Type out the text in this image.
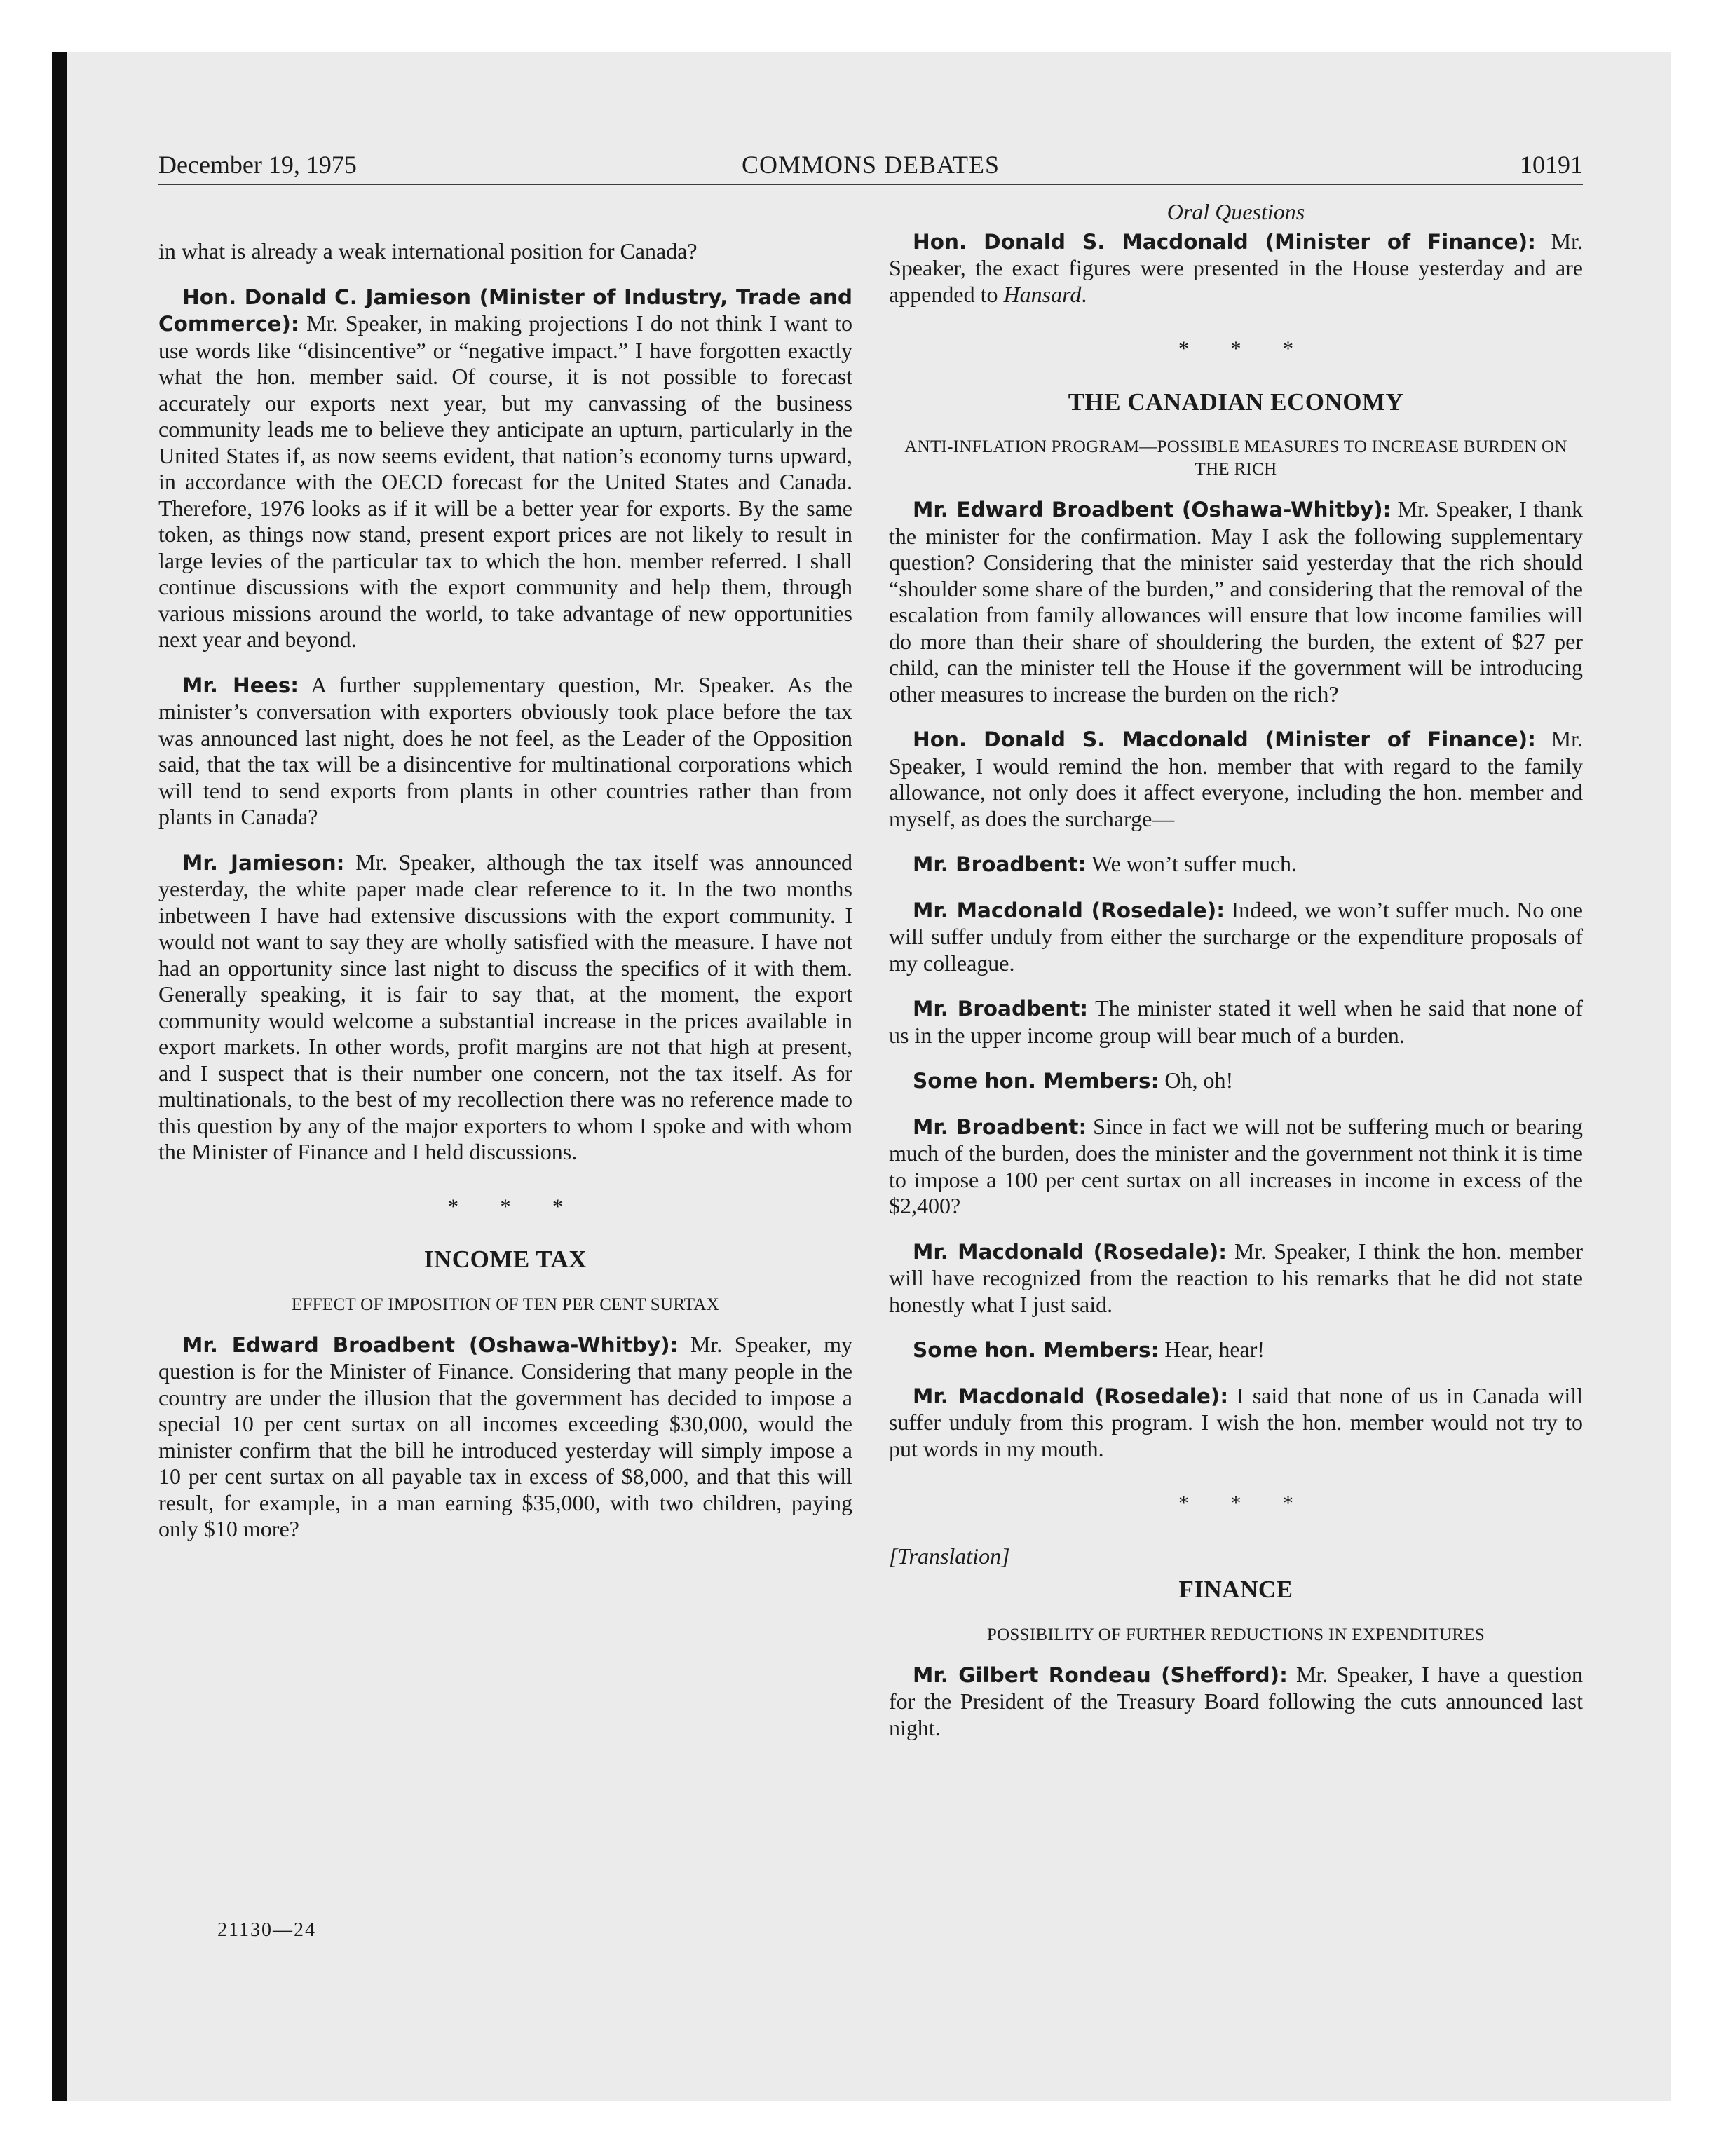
December 19, 1975	COMMONS DEBATES	10191

in what is already a weak international position for Canada?

Hon. Donald C. Jamieson (Minister of Industry, Trade and Commerce): Mr. Speaker, in making projections I do not think I want to use words like “disincentive” or “negative impact.” I have forgotten exactly what the hon. member said. Of course, it is not possible to forecast accurately our exports next year, but my canvassing of the business community leads me to believe they anticipate an upturn, particularly in the United States if, as now seems evident, that nation’s economy turns upward, in accordance with the OECD forecast for the United States and Canada. Therefore, 1976 looks as if it will be a better year for exports. By the same token, as things now stand, present export prices are not likely to result in large levies of the particular tax to which the hon. member referred. I shall continue discussions with the export community and help them, through various missions around the world, to take advantage of new opportunities next year and beyond.

Mr. Hees: A further supplementary question, Mr. Speaker. As the minister’s conversation with exporters obviously took place before the tax was announced last night, does he not feel, as the Leader of the Opposition said, that the tax will be a disincentive for multinational corporations which will tend to send exports from plants in other countries rather than from plants in Canada?

Mr. Jamieson: Mr. Speaker, although the tax itself was announced yesterday, the white paper made clear reference to it. In the two months inbetween I have had extensive discussions with the export community. I would not want to say they are wholly satisfied with the measure. I have not had an opportunity since last night to discuss the specifics of it with them. Generally speaking, it is fair to say that, at the moment, the export community would welcome a substantial increase in the prices available in export markets. In other words, profit margins are not that high at present, and I suspect that is their number one concern, not the tax itself. As for multinationals, to the best of my recollection there was no reference made to this question by any of the major exporters to whom I spoke and with whom the Minister of Finance and I held discussions.

* * *
INCOME TAX
EFFECT OF IMPOSITION OF TEN PER CENT SURTAX

Mr. Edward Broadbent (Oshawa-Whitby): Mr. Speaker, my question is for the Minister of Finance. Considering that many people in the country are under the illusion that the government has decided to impose a special 10 per cent surtax on all incomes exceeding $30,000, would the minister confirm that the bill he introduced yesterday will simply impose a 10 per cent surtax on all payable tax in excess of $8,000, and that this will result, for example, in a man earning $35,000, with two children, paying only $10 more?

Oral Questions

Hon. Donald S. Macdonald (Minister of Finance): Mr. Speaker, the exact figures were presented in the House yesterday and are appended to Hansard.

* * *
THE CANADIAN ECONOMY
ANTI-INFLATION PROGRAM—POSSIBLE MEASURES TO INCREASE BURDEN ON THE RICH

Mr. Edward Broadbent (Oshawa-Whitby): Mr. Speaker, I thank the minister for the confirmation. May I ask the following supplementary question? Considering that the minister said yesterday that the rich should “shoulder some share of the burden,” and considering that the removal of the escalation from family allowances will ensure that low income families will do more than their share of shouldering the burden, the extent of $27 per child, can the minister tell the House if the government will be introducing other measures to increase the burden on the rich?

Hon. Donald S. Macdonald (Minister of Finance): Mr. Speaker, I would remind the hon. member that with regard to the family allowance, not only does it affect everyone, including the hon. member and myself, as does the surcharge—

Mr. Broadbent: We won’t suffer much.

Mr. Macdonald (Rosedale): Indeed, we won’t suffer much. No one will suffer unduly from either the surcharge or the expenditure proposals of my colleague.

Mr. Broadbent: The minister stated it well when he said that none of us in the upper income group will bear much of a burden.

Some hon. Members: Oh, oh!

Mr. Broadbent: Since in fact we will not be suffering much or bearing much of the burden, does the minister and the government not think it is time to impose a 100 per cent surtax on all increases in income in excess of the $2,400?

Mr. Macdonald (Rosedale): Mr. Speaker, I think the hon. member will have recognized from the reaction to his remarks that he did not state honestly what I just said.

Some hon. Members: Hear, hear!

Mr. Macdonald (Rosedale): I said that none of us in Canada will suffer unduly from this program. I wish the hon. member would not try to put words in my mouth.

* * *
[Translation]
FINANCE
POSSIBILITY OF FURTHER REDUCTIONS IN EXPENDITURES

Mr. Gilbert Rondeau (Shefford): Mr. Speaker, I have a question for the President of the Treasury Board following the cuts announced last night.

21130—24
